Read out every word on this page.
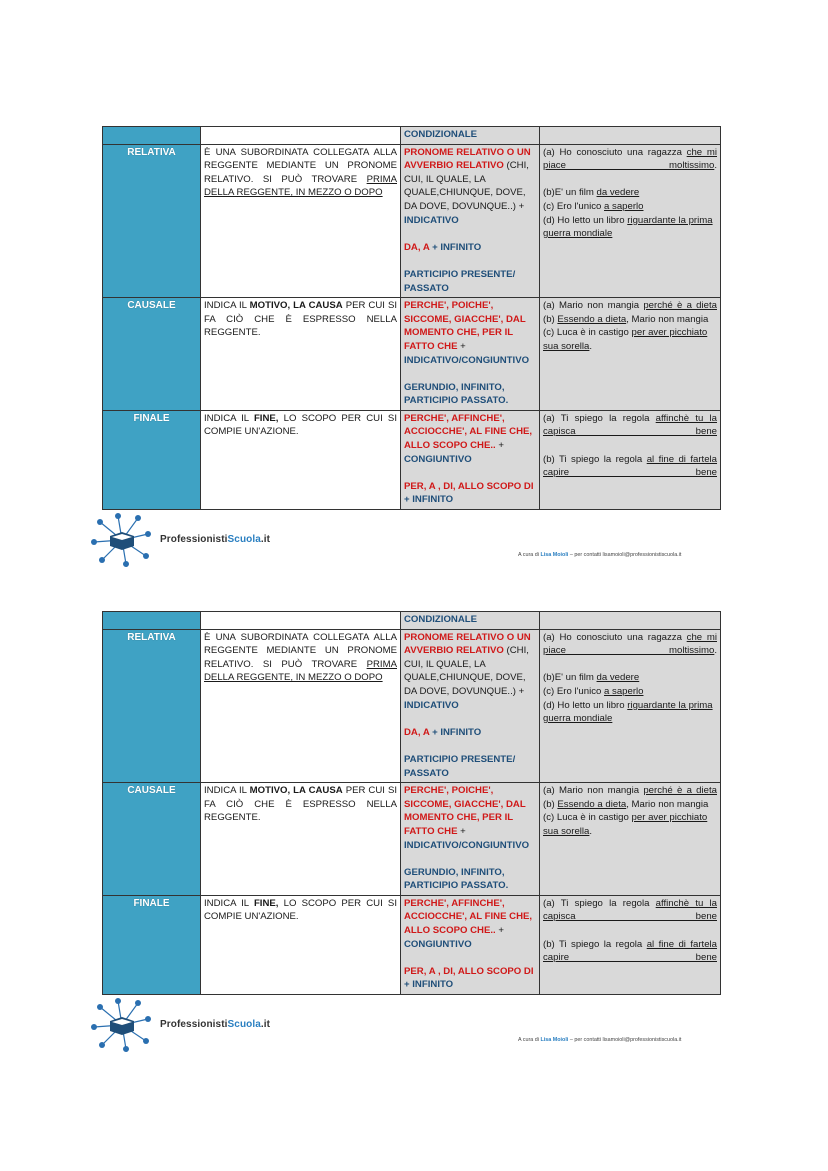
		CONDIZIONALE	
RELATIVA	È UNA SUBORDINATA COLLEGATA ALLA REGGENTE MEDIANTE UN PRONOME RELATIVO. SI PUÒ TROVARE PRIMA DELLA REGGENTE, IN MEZZO O DOPO	PRONOME RELATIVO O UN AVVERBIO RELATIVO (CHI, CUI, IL QUALE, LA QUALE,CHIUNQUE, DOVE, DA DOVE, DOVUNQUE..) + INDICATIVO
DA, A + INFINITO
PARTICIPIO PRESENTE/ PASSATO	(a) Ho conosciuto una ragazza che mi piace moltissimo.
(b)E' un film da vedere
(c) Ero l'unico a saperlo
(d) Ho letto un libro riguardante la prima guerra mondiale

CAUSALE	INDICA IL MOTIVO, LA CAUSA PER CUI SI FA CIÒ CHE È ESPRESSO NELLA REGGENTE.	PERCHE', POICHE', SICCOME, GIACCHE', DAL MOMENTO CHE, PER IL FATTO CHE + INDICATIVO/CONGIUNTIVO
GERUNDIO, INFINITO, PARTICIPIO PASSATO.	(a) Mario non mangia perché è a dieta
(b) Essendo a dieta, Mario non mangia
(c) Luca è in castigo per aver picchiato sua sorella.

FINALE	INDICA IL FINE, LO SCOPO PER CUI SI COMPIE UN'AZIONE.	PERCHE', AFFINCHE', ACCIOCCHE', AL FINE CHE, ALLO SCOPO CHE.. + CONGIUNTIVO
PER, A , DI, ALLO SCOPO DI + INFINITO	(a) Ti spiego la regola affinchè tu la capisca bene
(b) Ti spiego la regola al fine di fartela capire bene
ProfessionistiScuola.it
A cura di Lisa Moioli – per contatti lisamoioli@professionistiscuola.it
		CONDIZIONALE	
RELATIVA	È UNA SUBORDINATA COLLEGATA ALLA REGGENTE MEDIANTE UN PRONOME RELATIVO. SI PUÒ TROVARE PRIMA DELLA REGGENTE, IN MEZZO O DOPO	PRONOME RELATIVO O UN AVVERBIO RELATIVO (CHI, CUI, IL QUALE, LA QUALE,CHIUNQUE, DOVE, DA DOVE, DOVUNQUE..) + INDICATIVO
DA, A + INFINITO
PARTICIPIO PRESENTE/ PASSATO	(a) Ho conosciuto una ragazza che mi piace moltissimo.
(b)E' un film da vedere
(c) Ero l'unico a saperlo
(d) Ho letto un libro riguardante la prima guerra mondiale

CAUSALE	INDICA IL MOTIVO, LA CAUSA PER CUI SI FA CIÒ CHE È ESPRESSO NELLA REGGENTE.	PERCHE', POICHE', SICCOME, GIACCHE', DAL MOMENTO CHE, PER IL FATTO CHE + INDICATIVO/CONGIUNTIVO
GERUNDIO, INFINITO, PARTICIPIO PASSATO.	(a) Mario non mangia perché è a dieta
(b) Essendo a dieta, Mario non mangia
(c) Luca è in castigo per aver picchiato sua sorella.

FINALE	INDICA IL FINE, LO SCOPO PER CUI SI COMPIE UN'AZIONE.	PERCHE', AFFINCHE', ACCIOCCHE', AL FINE CHE, ALLO SCOPO CHE.. + CONGIUNTIVO
PER, A , DI, ALLO SCOPO DI + INFINITO	(a) Ti spiego la regola affinchè tu la capisca bene
(b) Ti spiego la regola al fine di fartela capire bene
ProfessionistiScuola.it
A cura di Lisa Moioli – per contatti lisamoioli@professionistiscuola.it
